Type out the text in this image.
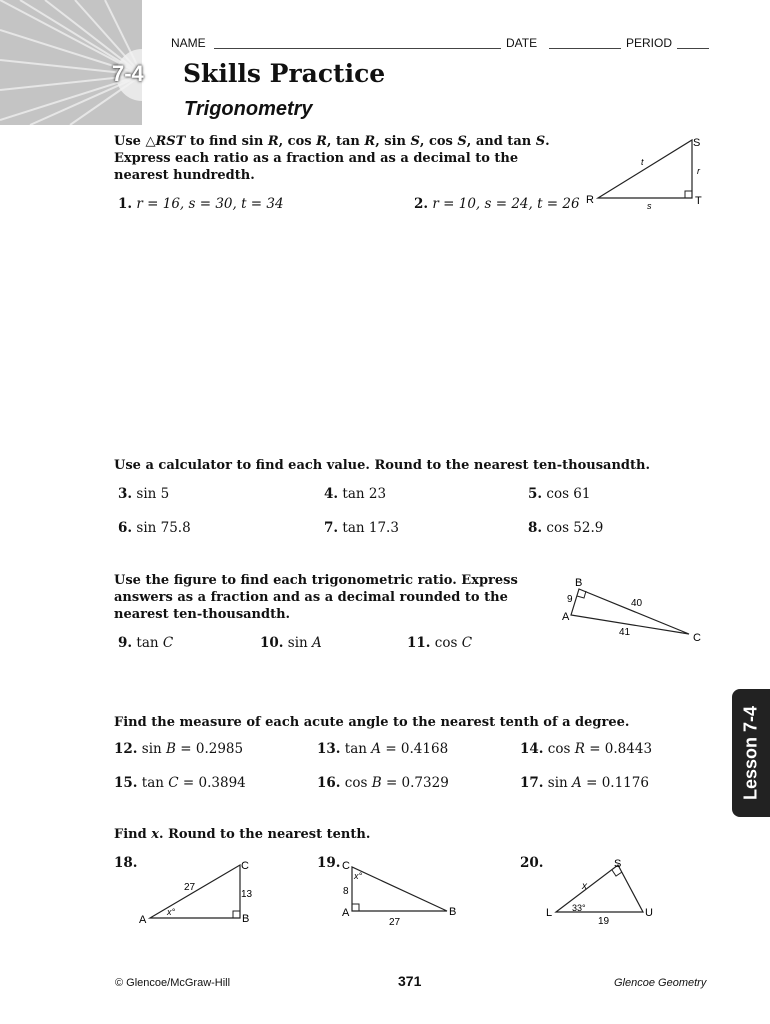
7-4
NAME	DATE	PERIOD
Skills Practice
Trigonometry
Use △RST to find sin R, cos R, tan R, sin S, cos S, and tan S.
Express each ratio as a fraction and as a decimal to the
nearest hundredth.
1. r = 16, s = 30, t = 34	2. r = 10, s = 24, t = 26 R
S
T
r
s
t
Use a calculator to find each value. Round to the nearest ten-thousandth.
3. sin 5	4. tan 23	5. cos 61
6. sin 75.8	7. tan 17.3	8. cos 52.9
Use the figure to find each trigonometric ratio. Express
answers as a fraction and as a decimal rounded to the
nearest ten-thousandth.
9. tan C	10. sin A	11. cos C
A
B
C
9	40
41
Find the measure of each acute angle to the nearest tenth of a degree.
12. sin B = 0.2985	13. tan A = 0.4168	14. cos R = 0.8443
15. tan C = 0.3894	16. cos B = 0.7329	17. sin A = 0.1176
Find x. Round to the nearest tenth.
18.	19.	20.
A	B
C
27
13
x°
C
A	B
8
27
x°
L
S
U
x
33°
19
Lesson 7-4
© Glencoe/McGraw-Hill	371	Glencoe Geometry
